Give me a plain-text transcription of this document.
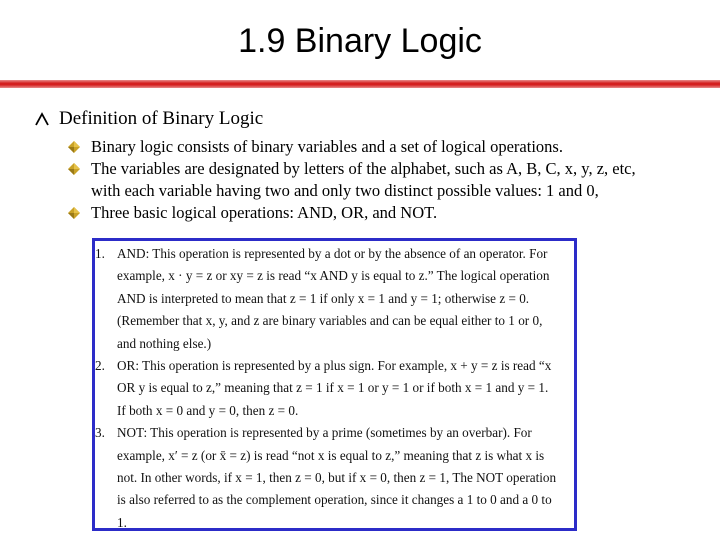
1.9 Binary Logic
Definition of Binary Logic
Binary logic consists of binary variables and a set of logical operations.
The variables are designated by letters of the alphabet, such as A, B, C, x, y, z, etc,
with each variable having two and only two distinct possible values: 1 and 0,
Three basic logical operations: AND, OR, and NOT.
1. AND: This operation is represented by a dot or by the absence of an operator. For
example, x · y = z or xy = z is read “x AND y is equal to z.” The logical operation
AND is interpreted to mean that z = 1 if only x = 1 and y = 1; otherwise z = 0.
(Remember that x, y, and z are binary variables and can be equal either to 1 or 0,
and nothing else.)
2. OR: This operation is represented by a plus sign. For example, x + y = z is read “x
OR y is equal to z,” meaning that z = 1 if x = 1 or y = 1 or if both x = 1 and y = 1.
If both x = 0 and y = 0, then z = 0.
3. NOT: This operation is represented by a prime (sometimes by an overbar). For
example, x′ = z (or x̄ = z) is read “not x is equal to z,” meaning that z is what x is
not. In other words, if x = 1, then z = 0, but if x = 0, then z = 1, The NOT operation
is also referred to as the complement operation, since it changes a 1 to 0 and a 0 to
1.
